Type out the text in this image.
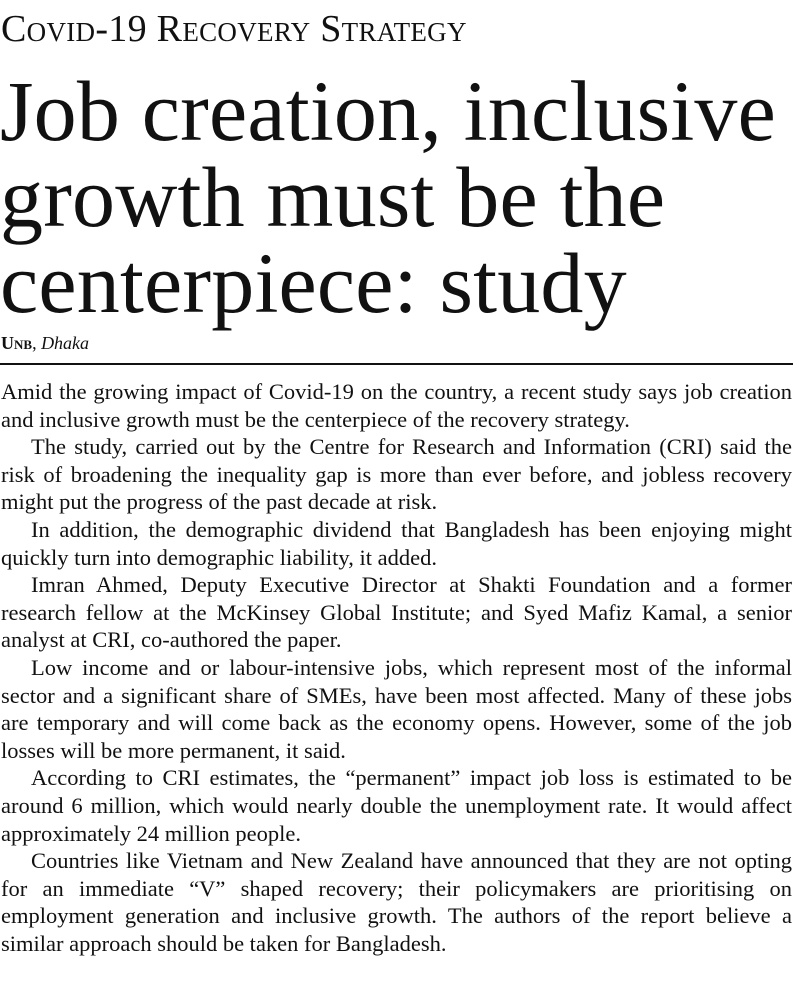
Covid-19 Recovery Strategy
Job creation, inclusive
growth must be the
centerpiece: study
Unb, Dhaka

Amid the growing impact of Covid-19 on the country, a recent study says job creation and inclusive growth must be the centerpiece of the recovery strategy.

The study, carried out by the Centre for Research and Information (CRI) said the risk of broadening the inequality gap is more than ever before, and jobless recovery might put the progress of the past decade at risk.

In addition, the demographic dividend that Bangladesh has been enjoying might quickly turn into demographic liability, it added.

Imran Ahmed, Deputy Executive Director at Shakti Foundation and a former research fellow at the McKinsey Global Institute; and Syed Mafiz Kamal, a senior analyst at CRI, co-authored the paper.

Low income and or labour-intensive jobs, which represent most of the informal sector and a significant share of SMEs, have been most affected. Many of these jobs are temporary and will come back as the economy opens. However, some of the job losses will be more permanent, it said.

According to CRI estimates, the “permanent” impact job loss is estimated to be around 6 million, which would nearly double the unemployment rate. It would affect approximately 24 million people.

Countries like Vietnam and New Zealand have announced that they are not opting for an immediate “V” shaped recovery; their policymakers are prioritising on employment generation and inclusive growth. The authors of the report believe a similar approach should be taken for Bangladesh.
